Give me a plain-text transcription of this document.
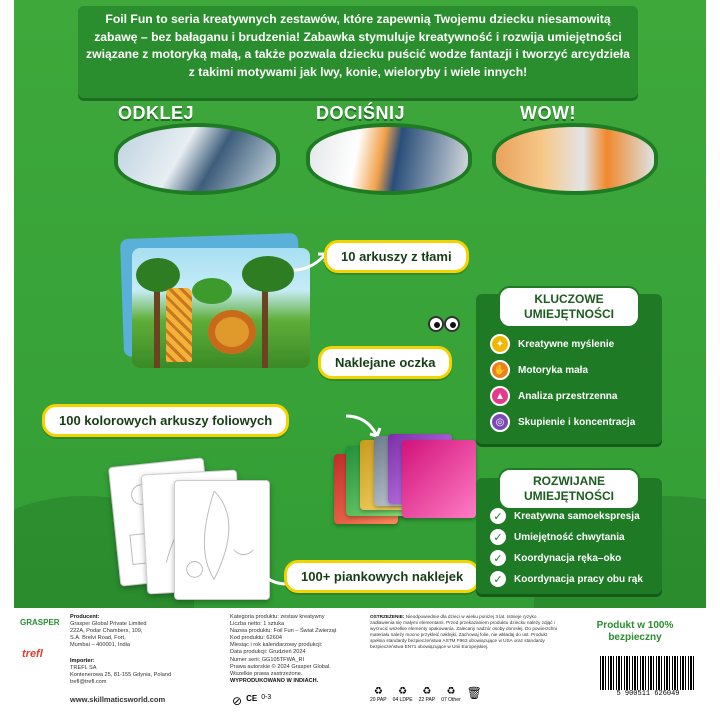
Foil Fun to seria kreatywnych zestawów, które zapewnią Twojemu dziecku niesamowitą zabawę – bez bałaganu i brudzenia! Zabawka stymuluje kreatywność i rozwija umiejętności związane z motoryką małą, a także pozwala dziecku puścić wodze fantazji i tworzyć arcydzieła z takimi motywami jak lwy, konie, wieloryby i wiele innych!

ODKLEJ	DOCIŚNIJ	WOW!
10 arkuszy z tłami
Naklejane oczka
100 kolorowych arkuszy foliowych
100+ piankowych naklejek
KLUCZOWE
UMIEJĘTNOŚCI
✦	Kreatywne myślenie
✋	Motoryka mała
▲	Analiza przestrzenna
◎	Skupienie i koncentracja
ROZWIJANE
UMIEJĘTNOŚCI
✓	Kreatywna samoekspresja
✓	Umiejętność chwytania
✓	Koordynacja ręka–oko
✓	Koordynacja pracy obu rąk
GRASPER
trefl
Producent:
Grasper Global Private Limited
222A, Podar Chambers, 109,
S.A. Brelvi Road, Fort,
Mumbai – 400001, India
Importer:
TREFL SA
Kontenerowa 25, 81-155 Gdynia, Poland
trefl@trefl.com
www.skillmaticsworld.com
Kategoria produktu: zestaw kreatywny
Liczba netto: 1 sztuka
Nazwa produktu: Foil Fun – Świat Zwierząt
Kod produktu: 62604
Miesiąc i rok kalendarzowy produkcji:
Data produkcji: Grudzień 2024
Numer serii: GG105TFWA_RI
Prawa autorskie © 2024 Grasper Global.
Wszelkie prawa zastrzeżone.
WYPRODUKOWANO W INDIACH.
⊘ CE 0-3
OSTRZEŻENIE: Nieodpowiednie dla dzieci w wieku poniżej 3 lat. Istnieje ryzyko zadławienia się małymi elementami. Przed przekazaniem produktu dziecku należy zdjąć i wyrzucić wszelkie elementy opakowania. Zalecany nadzór osoby dorosłej. Do powierzchni materiału należy mocno przykleić naklejki. Zachowaj folie, nie wkładaj do ust. Produkt spełnia standardy bezpieczeństwa ASTM F963 obowiązujące w USA oraz standardy bezpieczeństwa EN71 obowiązujące w Unii Europejskiej.
Produkt w 100%
bezpieczny
♻
20 PAP
♻
04 LDPE
♻
22 PAP
♻
07 Other 🗑	5 900511 626049
